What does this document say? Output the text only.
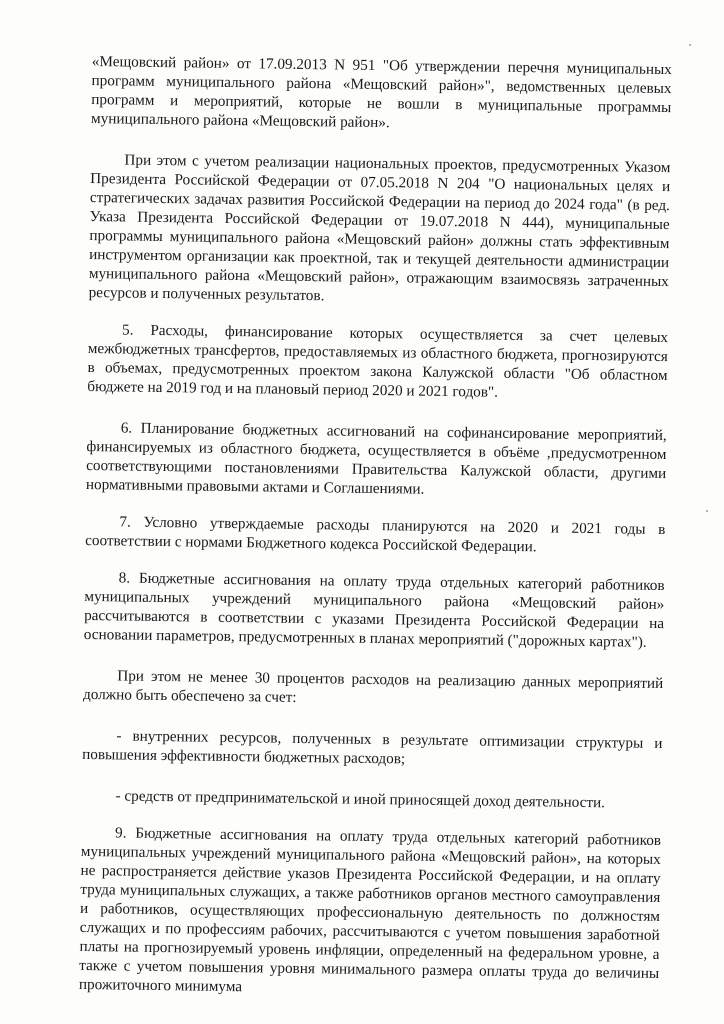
«Мещовский район» от 17.09.2013 N 951 "Об утверждении перечня муниципальных программ муниципального района «Мещовский район»", ведомственных целевых программ и мероприятий, которые не вошли в муниципальные программы муниципального района «Мещовский район».

При этом с учетом реализации национальных проектов, предусмотренных Указом Президента Российской Федерации от 07.05.2018 N 204 "О национальных целях и стратегических задачах развития Российской Федерации на период до 2024 года" (в ред. Указа Президента Российской Федерации от 19.07.2018 N 444), муниципальные программы муниципального района «Мещовский район» должны стать эффективным инструментом организации как проектной, так и текущей деятельности администрации муниципального района «Мещовский район», отражающим взаимосвязь затраченных ресурсов и полученных результатов.

5. Расходы, финансирование которых осуществляется за счет целевых межбюджетных трансфертов, предоставляемых из областного бюджета, прогнозируются в объемах, предусмотренных проектом закона Калужской области "Об областном бюджете на 2019 год и на плановый период 2020 и 2021 годов".

6. Планирование бюджетных ассигнований на софинансирование мероприятий, финансируемых из областного бюджета, осуществляется в объёме ,предусмотренном соответствующими постановлениями Правительства Калужской области, другими нормативными правовыми актами и Соглашениями.

7. Условно утверждаемые расходы планируются на 2020 и 2021 годы в соответствии с нормами Бюджетного кодекса Российской Федерации.

8. Бюджетные ассигнования на оплату труда отдельных категорий работников муниципальных учреждений муниципального района «Мещовский район» рассчитываются в соответствии с указами Президента Российской Федерации на основании параметров, предусмотренных в планах мероприятий ("дорожных картах").

При этом не менее 30 процентов расходов на реализацию данных мероприятий должно быть обеспечено за счет:

- внутренних ресурсов, полученных в результате оптимизации структуры и повышения эффективности бюджетных расходов;

- средств от предпринимательской и иной приносящей доход деятельности.

9. Бюджетные ассигнования на оплату труда отдельных категорий работников муниципальных учреждений муниципального района «Мещовский район», на которых не распространяется действие указов Президента Российской Федерации, и на оплату труда муниципальных служащих, а также работников органов местного самоуправления и работников, осуществляющих профессиональную деятельность по должностям служащих и по профессиям рабочих, рассчитываются с учетом повышения заработной платы на прогнозируемый уровень инфляции, определенный на федеральном уровне, а также с учетом повышения уровня минимального размера оплаты труда до величины прожиточного минимума
